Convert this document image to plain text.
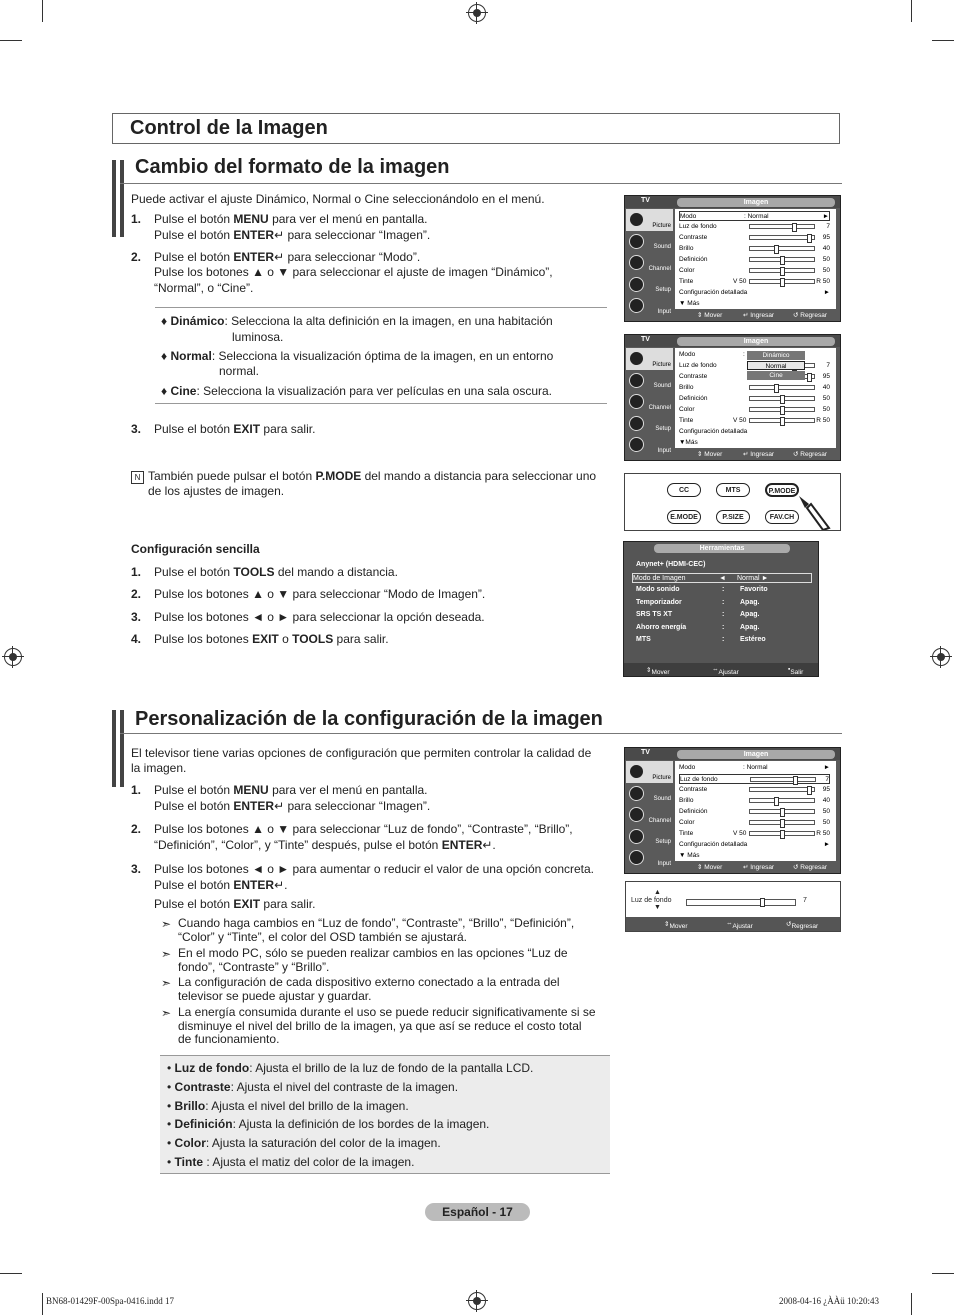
Control de la Imagen
Cambio del formato de la imagen
Puede activar el ajuste Dinámico, Normal o Cine seleccionándolo en el menú.
1. Pulse el botón MENU para ver el menú en pantalla.
Pulse el botón ENTER↵ para seleccionar “Imagen”.
2. Pulse el botón ENTER↵ para seleccionar “Modo”.
Pulse los botones ▲ o ▼ para seleccionar el ajuste de imagen “Dinámico”,
“Normal”, o “Cine”.

♦ Dinámico: Selecciona la alta definición en la imagen, en una habitación

luminosa.

♦ Normal: Selecciona la visualización óptima de la imagen, en un entorno

normal.

♦ Cine: Selecciona la visualización para ver películas en una sala oscura.

3. Pulse el botón EXIT para salir.
N También puede pulsar el botón P.MODE del mando a distancia para seleccionar uno
de los ajustes de imagen.
TV	Imagen
Picture
Sound
Channel
Setup
Input
Modo	: Normal	►
Luz de fondo	7
Contraste	95
Brillo	40
Definición	50
Color	50
Tinte	V 50	R 50
Configuración detallada	►
▼ Más
⇕ Mover	↵ Ingresar	↺ Regresar
TV	Imagen
Picture
Sound
Channel
Setup
Input
Modo	:
Luz de fondo	7
Contraste	95
Brillo	40
Definición	50
Color	50
Tinte	V 50	R 50
Configuración detallada
▼Más
Dinámico
Normal
Cine
⇕ Mover	↵ Ingresar	↺ Regresar
CC	MTS	P.MODE
E.MODE	P.SIZE	FAV.CH
Configuración sencilla
1. Pulse el botón TOOLS del mando a distancia.
2. Pulse los botones ▲ o ▼ para seleccionar “Modo de Imagen”.
3. Pulse los botones ◄ o ► para seleccionar la opción deseada.
4. Pulse los botones EXIT o TOOLS para salir.
Herramientas
⇕ Mover	⇔ Ajustar	▪ Salir
Anynet+ (HDMI-CEC)
Modo de Imagen	◄ Normal ►
Modo sonido	: Favorito
Temporizador	: Apag.
SRS TS XT	: Apag.
Ahorro energía	: Apag.
MTS	: Estéreo
Personalización de la configuración de la imagen
El televisor tiene varias opciones de configuración que permiten controlar la calidad de
la imagen.
1. Pulse el botón MENU para ver el menú en pantalla.
Pulse el botón ENTER↵ para seleccionar “Imagen”.
2. Pulse los botones ▲ o ▼ para seleccionar “Luz de fondo”, “Contraste”, “Brillo”,
“Definición”, “Color”, y “Tinte” después, pulse el botón ENTER↵.
3. Pulse los botones ◄ o ► para aumentar o reducir el valor de una opción concreta.
Pulse el botón ENTER↵.
Pulse el botón EXIT para salir.
➣ Cuando haga cambios en “Luz de fondo”, “Contraste”, “Brillo”, “Definición”,
“Color” y “Tinte”, el color del OSD también se ajustará.
➣ En el modo PC, sólo se pueden realizar cambios en las opciones “Luz de
fondo”, “Contraste” y “Brillo”.
➣ La configuración de cada dispositivo externo conectado a la entrada del
televisor se puede ajustar y guardar.
➣ La energía consumida durante el uso se puede reducir significativamente si se
disminuye el nivel del brillo de la imagen, ya que así se reduce el costo total
de funcionamiento.

• Luz de fondo: Ajusta el brillo de la luz de fondo de la pantalla LCD.

• Contraste: Ajusta el nivel del contraste de la imagen.

• Brillo: Ajusta el nivel del brillo de la imagen.

• Definición: Ajusta la definición de los bordes de la imagen.

• Color: Ajusta la saturación del color de la imagen.

• Tinte : Ajusta el matiz del color de la imagen.

TV	Imagen
Picture
Sound
Channel
Setup
Input
Modo	: Normal	►
Luz de fondo	7
Contraste	95
Brillo	40
Definición	50
Color	50
Tinte	V 50	R 50
Configuración detallada	►
▼ Más
⇕ Mover	↵ Ingresar	↺ Regresar
▲
Luz de fondo
▼
7
⇕ Mover	⇔ Ajustar	↺ Regresar
Español - 17
BN68-01429F-00Spa-0416.indd 17	2008-04-16 ¿ÀÀü 10:20:43
